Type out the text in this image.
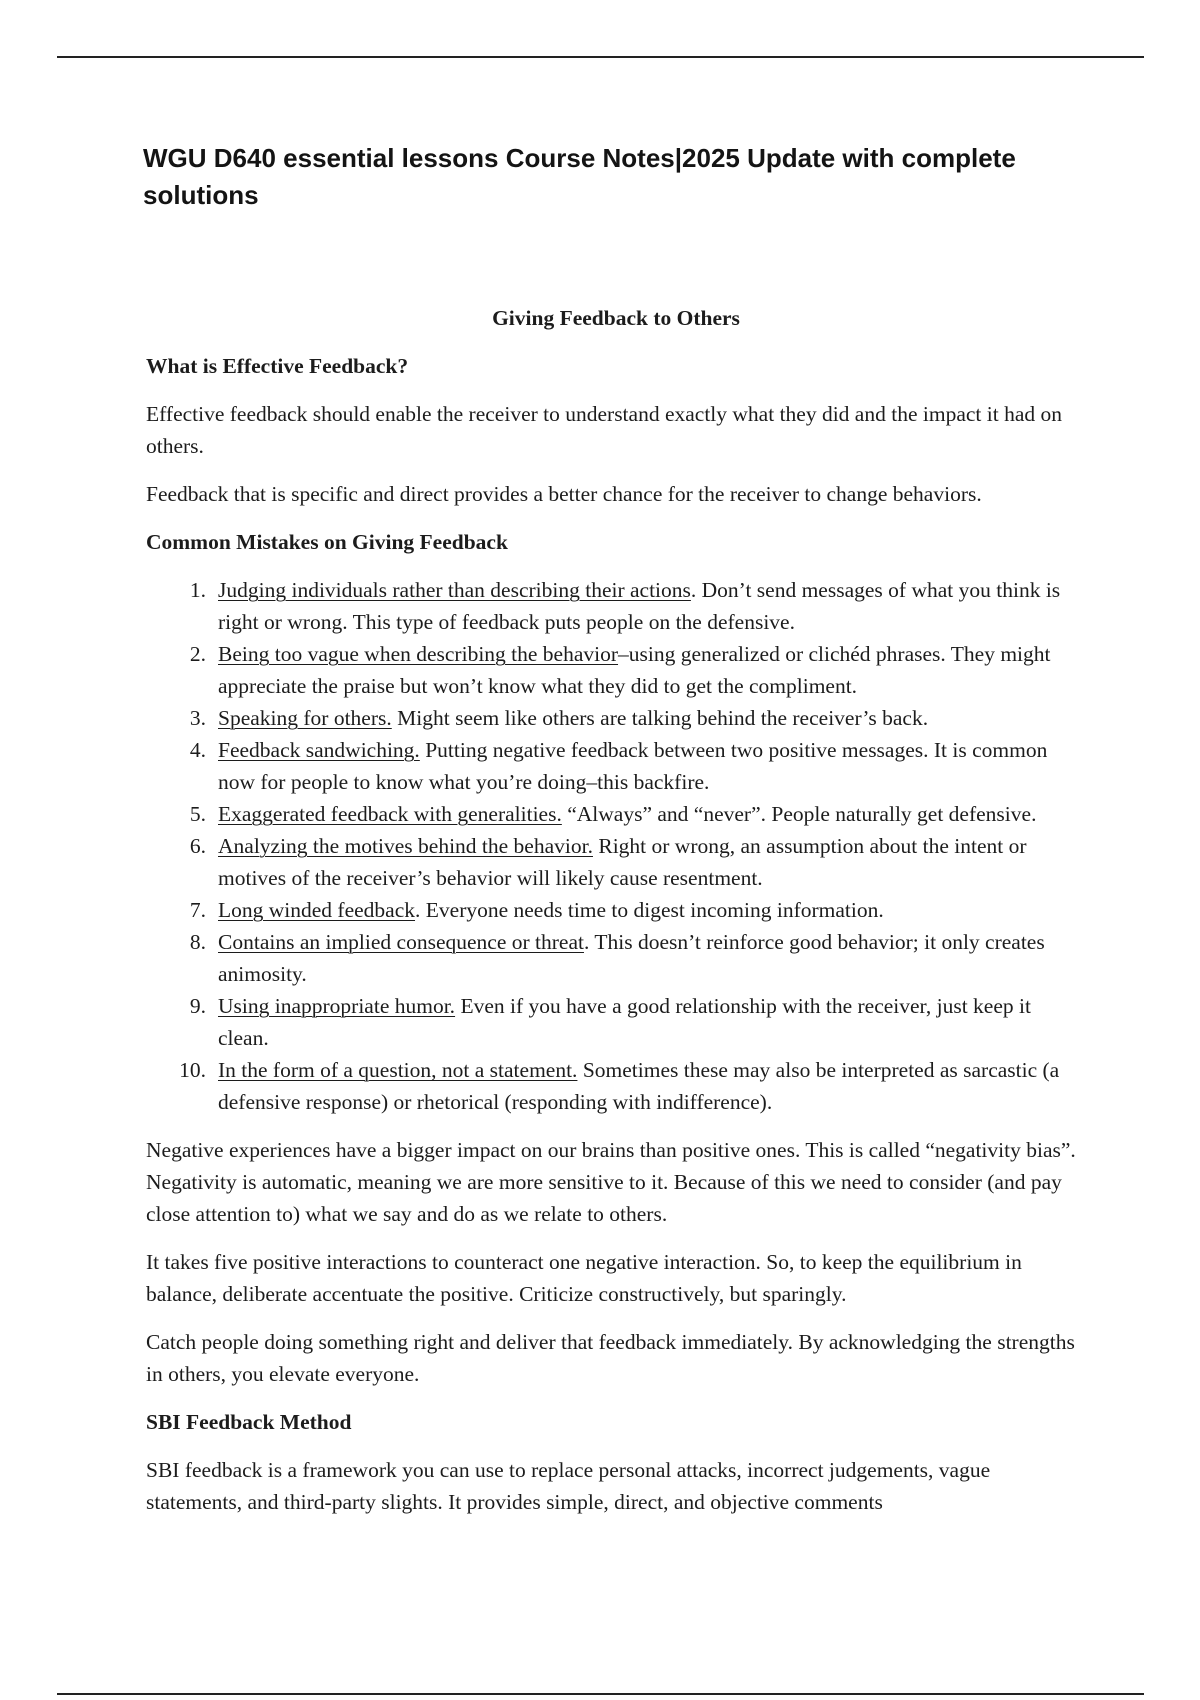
WGU D640 essential lessons Course Notes|2025 Update with complete solutions
Giving Feedback to Others
What is Effective Feedback?

Effective feedback should enable the receiver to understand exactly what they did and the impact it had on others.

Feedback that is specific and direct provides a better chance for the receiver to change behaviors.

Common Mistakes on Giving Feedback
1. Judging individuals rather than describing their actions. Don’t send messages of what you think is right or wrong. This type of feedback puts people on the defensive.
2. Being too vague when describing the behavior–using generalized or clichéd phrases. They might appreciate the praise but won’t know what they did to get the compliment.
3. Speaking for others. Might seem like others are talking behind the receiver’s back.
4. Feedback sandwiching. Putting negative feedback between two positive messages. It is common now for people to know what you’re doing–this backfire.
5. Exaggerated feedback with generalities. “Always” and “never”. People naturally get defensive.
6. Analyzing the motives behind the behavior. Right or wrong, an assumption about the intent or motives of the receiver’s behavior will likely cause resentment.
7. Long winded feedback. Everyone needs time to digest incoming information.
8. Contains an implied consequence or threat. This doesn’t reinforce good behavior; it only creates animosity.
9. Using inappropriate humor. Even if you have a good relationship with the receiver, just keep it clean.
10. In the form of a question, not a statement. Sometimes these may also be interpreted as sarcastic (a defensive response) or rhetorical (responding with indifference).

Negative experiences have a bigger impact on our brains than positive ones. This is called “negativity bias”. Negativity is automatic, meaning we are more sensitive to it. Because of this we need to consider (and pay close attention to) what we say and do as we relate to others.

It takes five positive interactions to counteract one negative interaction. So, to keep the equilibrium in balance, deliberate accentuate the positive. Criticize constructively, but sparingly.

Catch people doing something right and deliver that feedback immediately. By acknowledging the strengths in others, you elevate everyone.

SBI Feedback Method

SBI feedback is a framework you can use to replace personal attacks, incorrect judgements, vague statements, and third-party slights. It provides simple, direct, and objective comments
